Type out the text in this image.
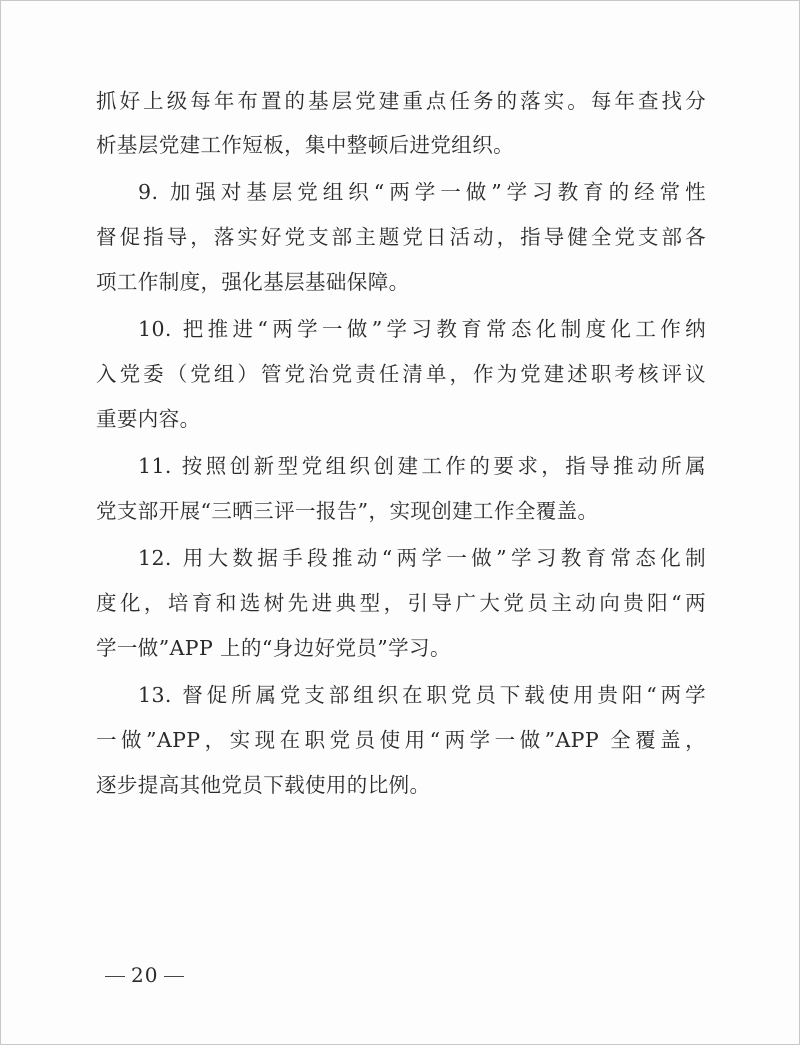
抓好上级每年布置的基层党建重点任务的落实。每年查找分
析基层党建工作短板，集中整顿后进党组织。
9. 加强对基层党组织“两学一做”学习教育的经常性
督促指导，落实好党支部主题党日活动，指导健全党支部各
项工作制度，强化基层基础保障。
10. 把推进“两学一做”学习教育常态化制度化工作纳
入党委（党组）管党治党责任清单，作为党建述职考核评议
重要内容。
11. 按照创新型党组织创建工作的要求，指导推动所属
党支部开展“三晒三评一报告”，实现创建工作全覆盖。
12. 用大数据手段推动“两学一做”学习教育常态化制
度化，培育和选树先进典型，引导广大党员主动向贵阳“两
学一做”APP 上的“身边好党员”学习。
13. 督促所属党支部组织在职党员下载使用贵阳“两学
一做”APP，实现在职党员使用“两学一做”APP 全覆盖，
逐步提高其他党员下载使用的比例。
20
